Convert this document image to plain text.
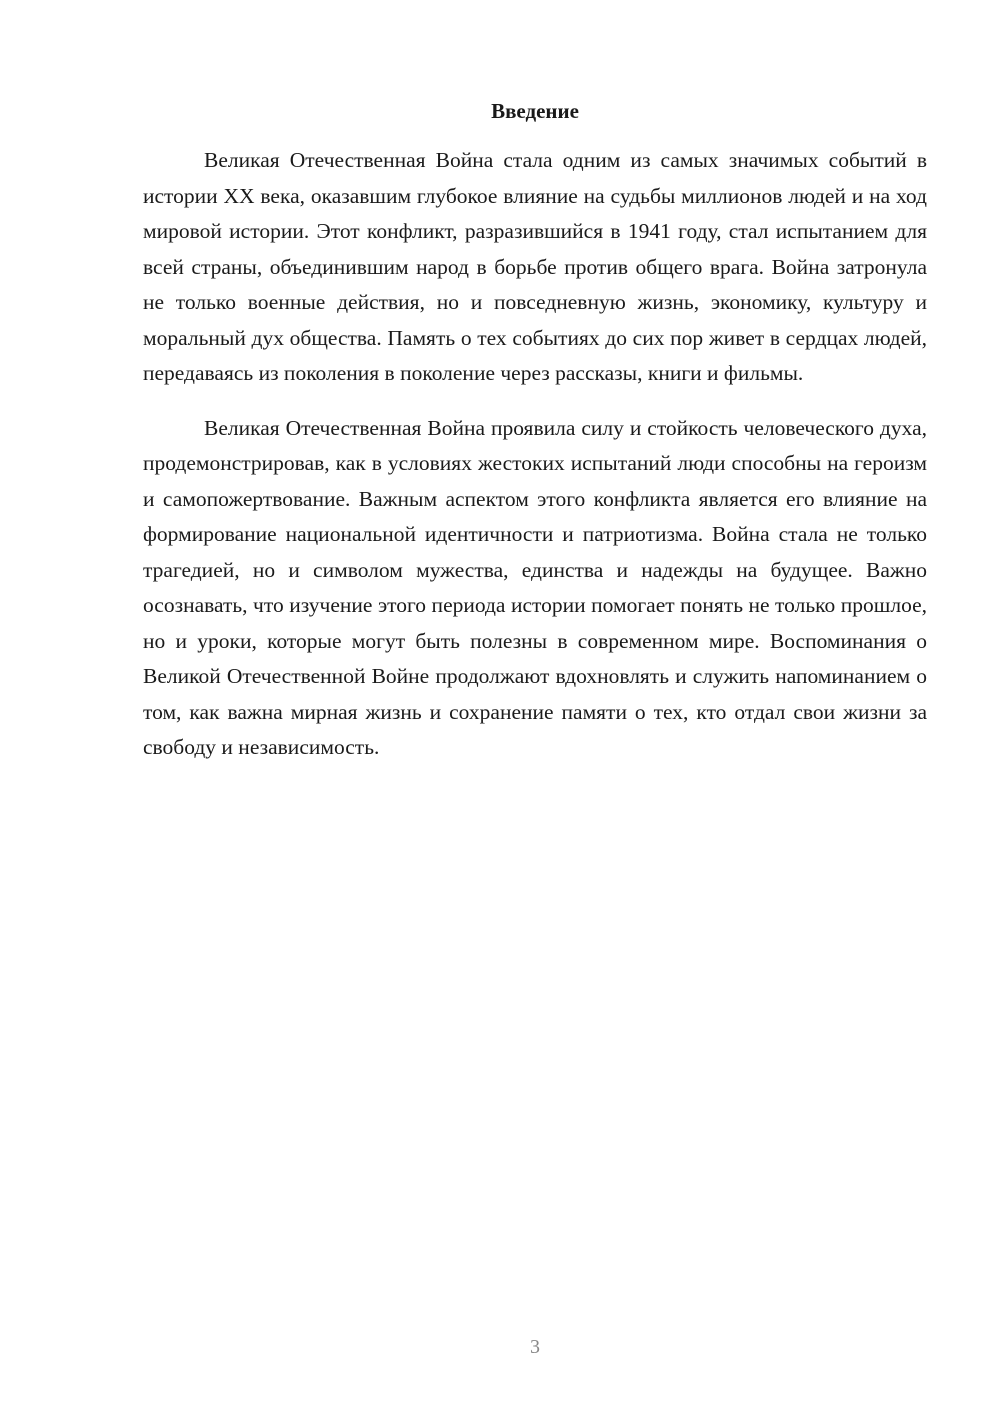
Введение

Великая Отечественная Война стала одним из самых значимых событий в истории XX века, оказавшим глубокое влияние на судьбы миллионов людей и на ход мировой истории. Этот конфликт, разразившийся в 1941 году, стал испытанием для всей страны, объединившим народ в борьбе против общего врага. Война затронула не только военные действия, но и повседневную жизнь, экономику, культуру и моральный дух общества. Память о тех событиях до сих пор живет в сердцах людей, передаваясь из поколения в поколение через рассказы, книги и фильмы.

Великая Отечественная Война проявила силу и стойкость человеческого духа, продемонстрировав, как в условиях жестоких испытаний люди способны на героизм и самопожертвование. Важным аспектом этого конфликта является его влияние на формирование национальной идентичности и патриотизма. Война стала не только трагедией, но и символом мужества, единства и надежды на будущее. Важно осознавать, что изучение этого периода истории помогает понять не только прошлое, но и уроки, которые могут быть полезны в современном мире. Воспоминания о Великой Отечественной Войне продолжают вдохновлять и служить напоминанием о том, как важна мирная жизнь и сохранение памяти о тех, кто отдал свои жизни за свободу и независимость.

3
